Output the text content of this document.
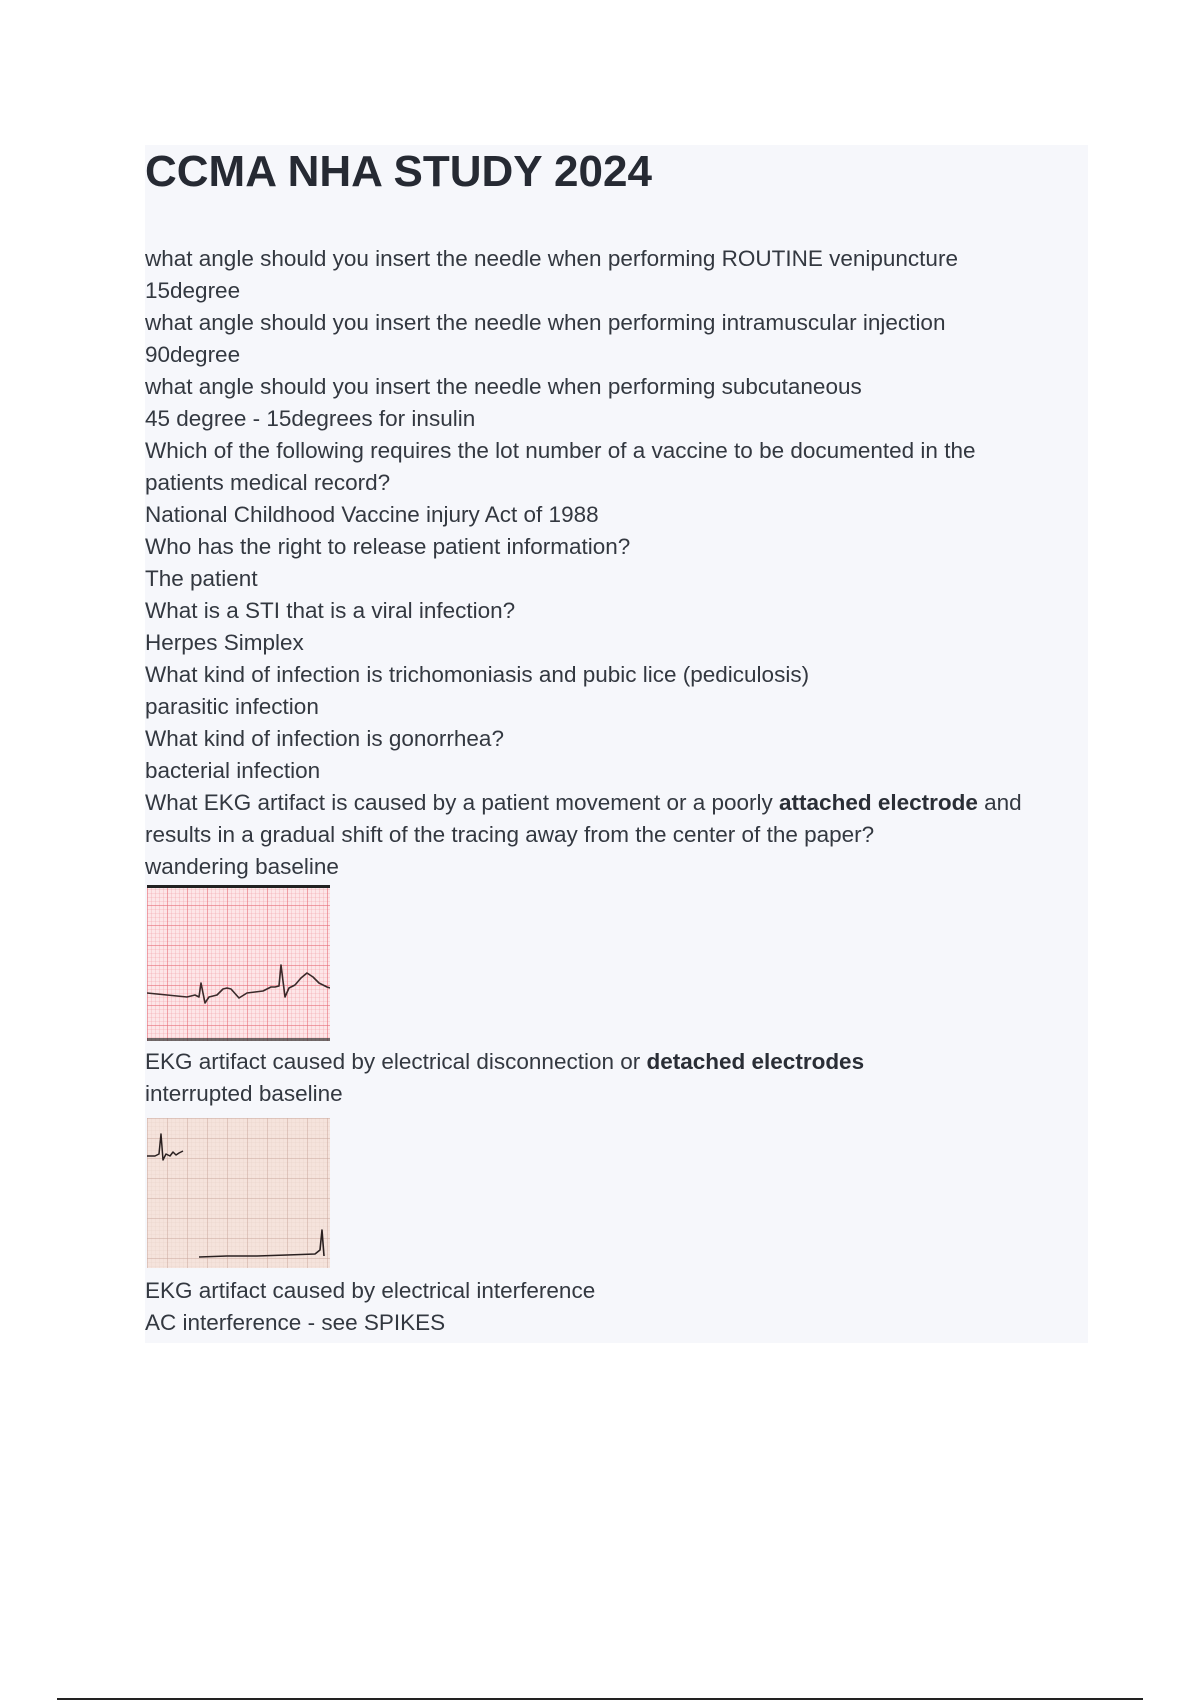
CCMA NHA STUDY 2024
what angle should you insert the needle when performing ROUTINE venipuncture
15degree
what angle should you insert the needle when performing intramuscular injection
90degree
what angle should you insert the needle when performing subcutaneous
45 degree - 15degrees for insulin
Which of the following requires the lot number of a vaccine to be documented in the
patients medical record?
National Childhood Vaccine injury Act of 1988
Who has the right to release patient information?
The patient
What is a STI that is a viral infection?
Herpes Simplex
What kind of infection is trichomoniasis and pubic lice (pediculosis)
parasitic infection
What kind of infection is gonorrhea?
bacterial infection
What EKG artifact is caused by a patient movement or a poorly attached electrode and
results in a gradual shift of the tracing away from the center of the paper?
wandering baseline
EKG artifact caused by electrical disconnection or detached electrodes
interrupted baseline
EKG artifact caused by electrical interference
AC interference - see SPIKES
